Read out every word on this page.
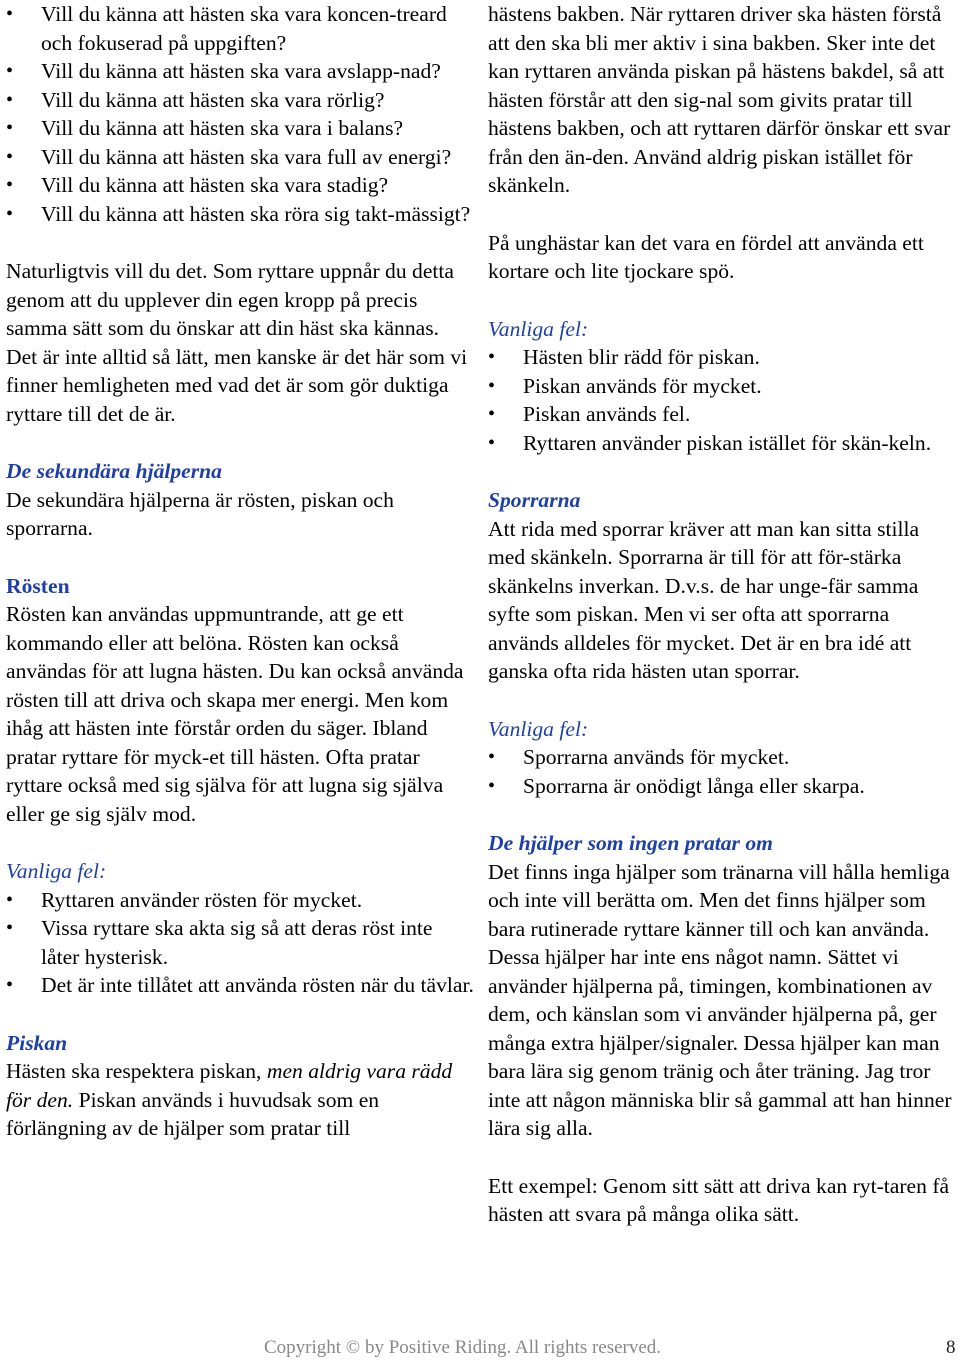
• Vill du känna att hästen ska vara koncen-treard och fokuserad på uppgiften?
• Vill du känna att hästen ska vara avslapp-nad?
• Vill du känna att hästen ska vara rörlig?
• Vill du känna att hästen ska vara i balans?
• Vill du känna att hästen ska vara full av energi?
• Vill du känna att hästen ska vara stadig?
• Vill du känna att hästen ska röra sig takt-mässigt?

Naturligtvis vill du det. Som ryttare uppnår du detta genom att du upplever din egen kropp på precis samma sätt som du önskar att din häst ska kännas.

Det är inte alltid så lätt, men kanske är det här som vi finner hemligheten med vad det är som gör duktiga ryttare till det de är.

De sekundära hjälperna

De sekundära hjälperna är rösten, piskan och sporrarna.

Rösten

Rösten kan användas uppmuntrande, att ge ett kommando eller att belöna. Rösten kan också användas för att lugna hästen. Du kan också använda rösten till att driva och skapa mer energi. Men kom ihåg att hästen inte förstår orden du säger. Ibland pratar ryttare för myck-et till hästen. Ofta pratar ryttare också med sig själva för att lugna sig själva eller ge sig själv mod.

Vanliga fel:

• Ryttaren använder rösten för mycket.
• Vissa ryttare ska akta sig så att deras röst inte låter hysterisk.
• Det är inte tillåtet att använda rösten när du tävlar.

Piskan

Hästen ska respektera piskan, men aldrig vara rädd för den. Piskan används i huvudsak som en förlängning av de hjälper som pratar till

hästens bakben. När ryttaren driver ska hästen förstå att den ska bli mer aktiv i sina bakben. Sker inte det kan ryttaren använda piskan på hästens bakdel, så att hästen förstår att den sig-nal som givits pratar till hästens bakben, och att ryttaren därför önskar ett svar från den än-den. Använd aldrig piskan istället för skänkeln.

På unghästar kan det vara en fördel att använda ett kortare och lite tjockare spö.

Vanliga fel:

• Hästen blir rädd för piskan.
• Piskan används för mycket.
• Piskan används fel.
• Ryttaren använder piskan istället för skän-keln.

Sporrarna

Att rida med sporrar kräver att man kan sitta stilla med skänkeln. Sporrarna är till för att för-stärka skänkelns inverkan. D.v.s. de har unge-fär samma syfte som piskan. Men vi ser ofta att sporrarna används alldeles för mycket. Det är en bra idé att ganska ofta rida hästen utan sporrar.

Vanliga fel:

• Sporrarna används för mycket.
• Sporrarna är onödigt långa eller skarpa.

De hjälper som ingen pratar om

Det finns inga hjälper som tränarna vill hålla hemliga och inte vill berätta om. Men det finns hjälper som bara rutinerade ryttare känner till och kan använda. Dessa hjälper har inte ens något namn. Sättet vi använder hjälperna på, timingen, kombinationen av dem, och känslan som vi använder hjälperna på, ger många extra hjälper/signaler. Dessa hjälper kan man bara lära sig genom tränig och åter träning. Jag tror inte att någon människa blir så gammal att han hinner lära sig alla.

Ett exempel: Genom sitt sätt att driva kan ryt-taren få hästen att svara på många olika sätt.

Copyright © by Positive Riding. All rights reserved.	8
